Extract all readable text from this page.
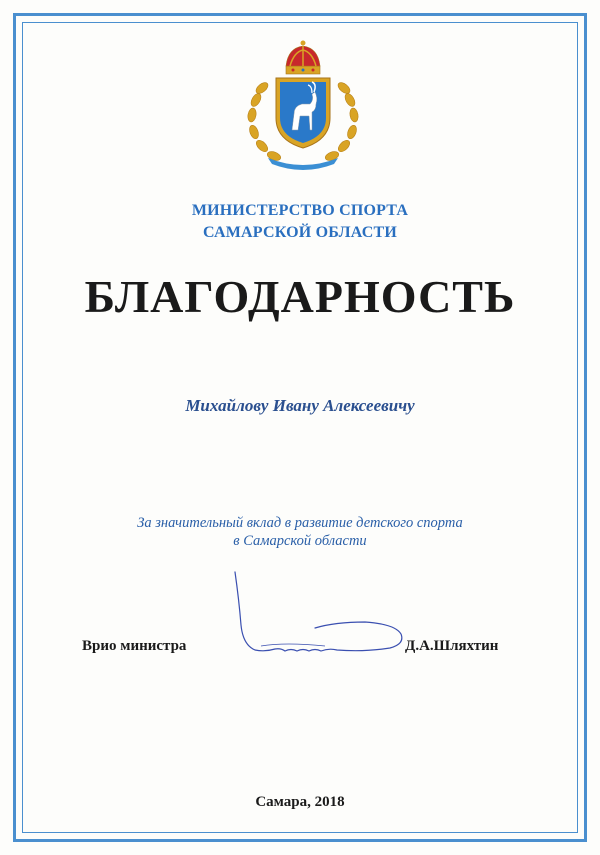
МИНИСТЕРСТВО СПОРТА
САМАРСКОЙ ОБЛАСТИ
БЛАГОДАРНОСТЬ
Михайлову Ивану Алексеевичу
За значительный вклад в развитие детского спорта
в Самарской области
Врио министра	Д.А.Шляхтин
Самара, 2018
